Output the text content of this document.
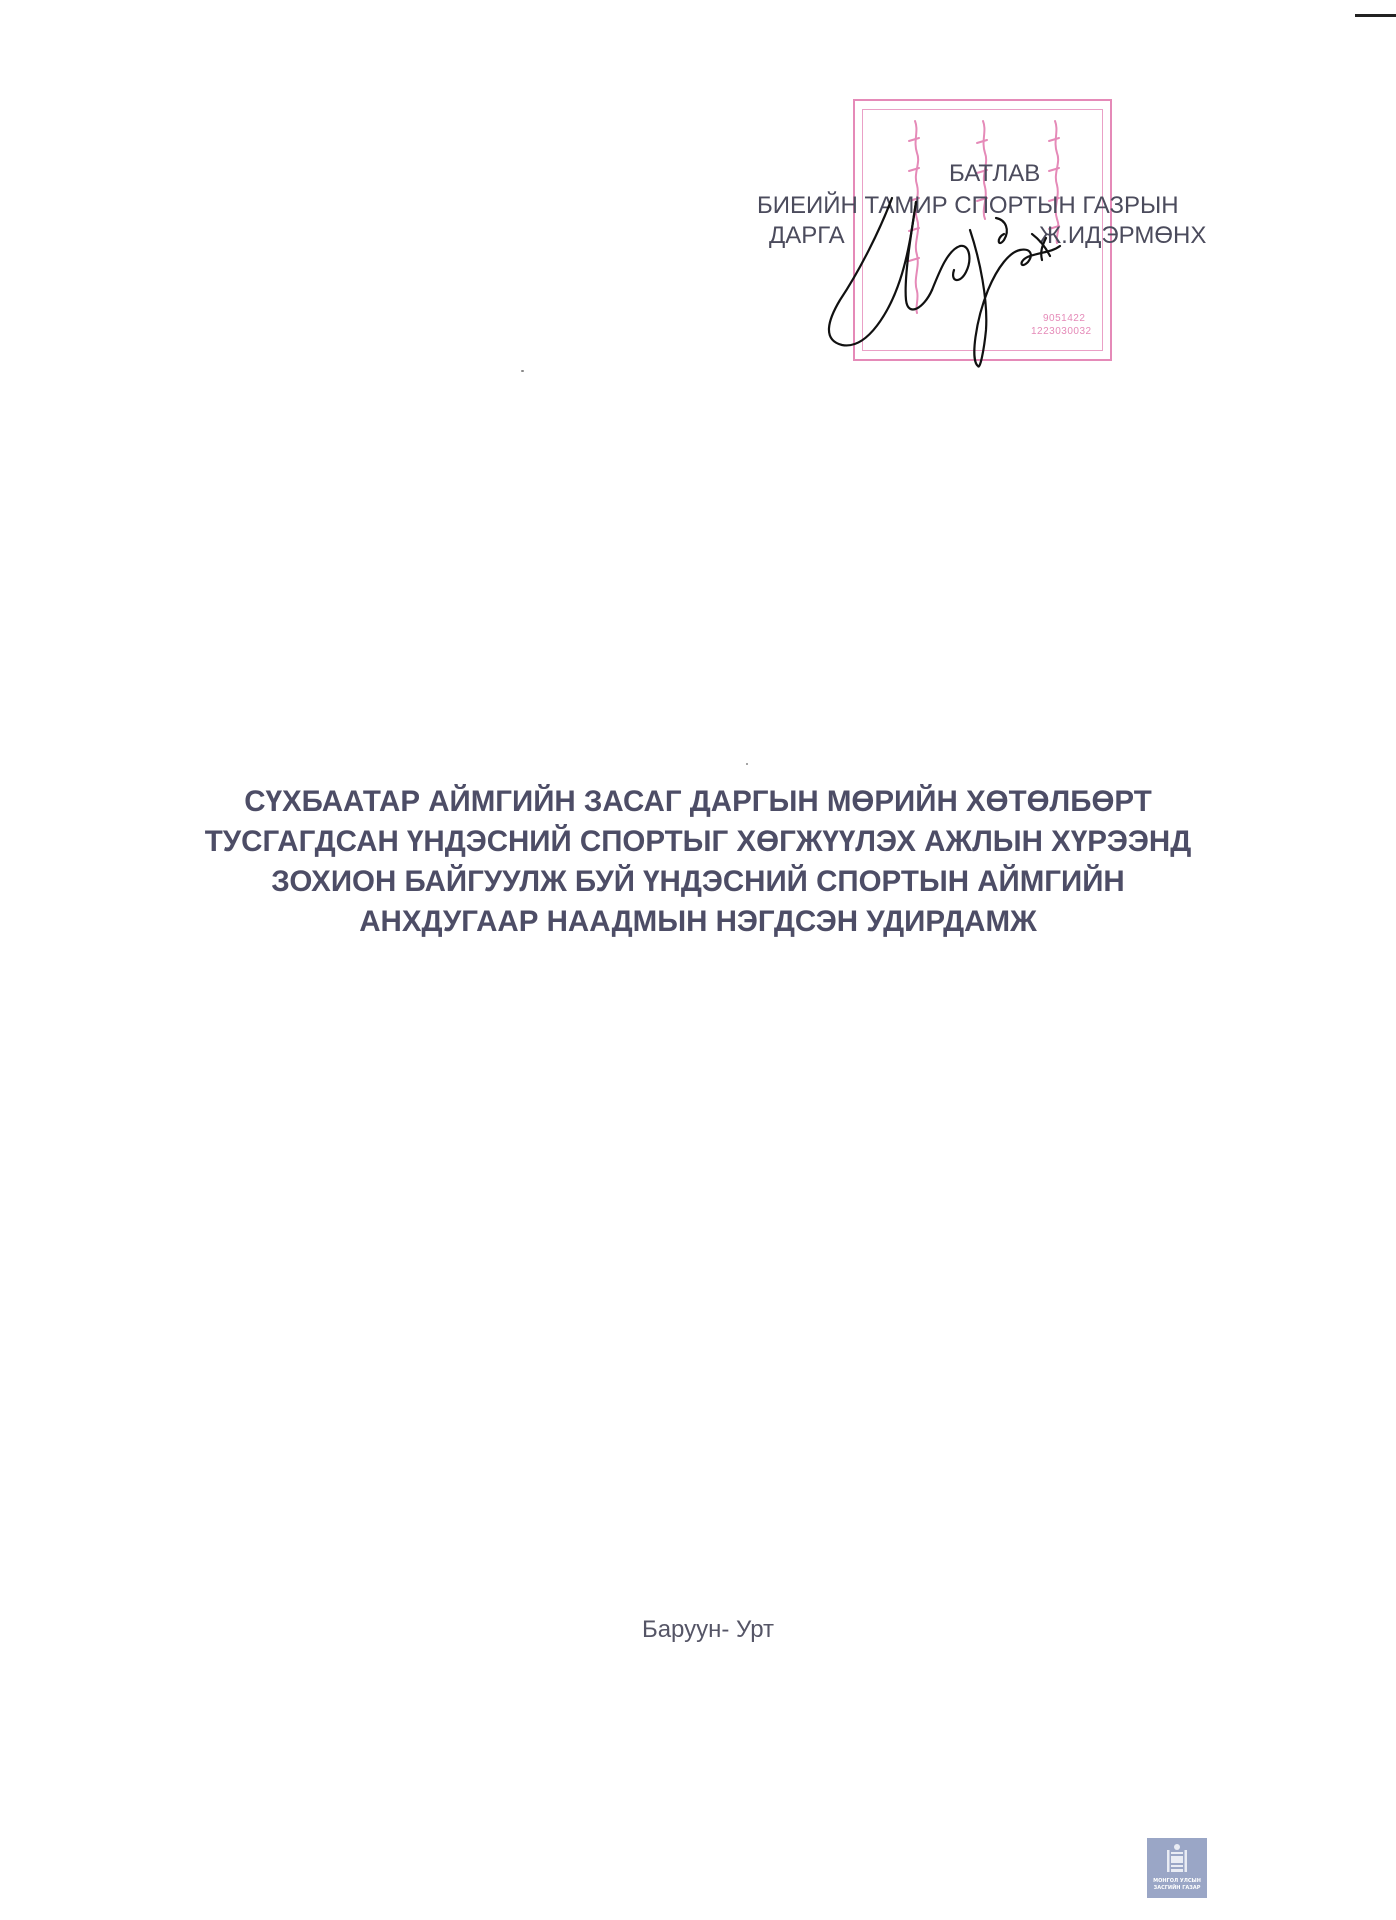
9051422
1223030032
БАТЛАВ
БИЕИЙН ТАМИР СПОРТЫН ГАЗРЫН
ДАРГА	Ж.ИДЭРМӨНХ
СҮХБААТАР АЙМГИЙН ЗАСАГ ДАРГЫН МӨРИЙН ХӨТӨЛБӨРТ
ТУСГАГДСАН ҮНДЭСНИЙ СПОРТЫГ ХӨГЖҮҮЛЭХ АЖЛЫН ХҮРЭЭНД
ЗОХИОН БАЙГУУЛЖ БУЙ ҮНДЭСНИЙ СПОРТЫН АЙМГИЙН
АНХДУГААР НААДМЫН НЭГДСЭН УДИРДАМЖ
Баруун- Урт
МОНГОЛ УЛСЫН
ЗАСГИЙН ГАЗАР
